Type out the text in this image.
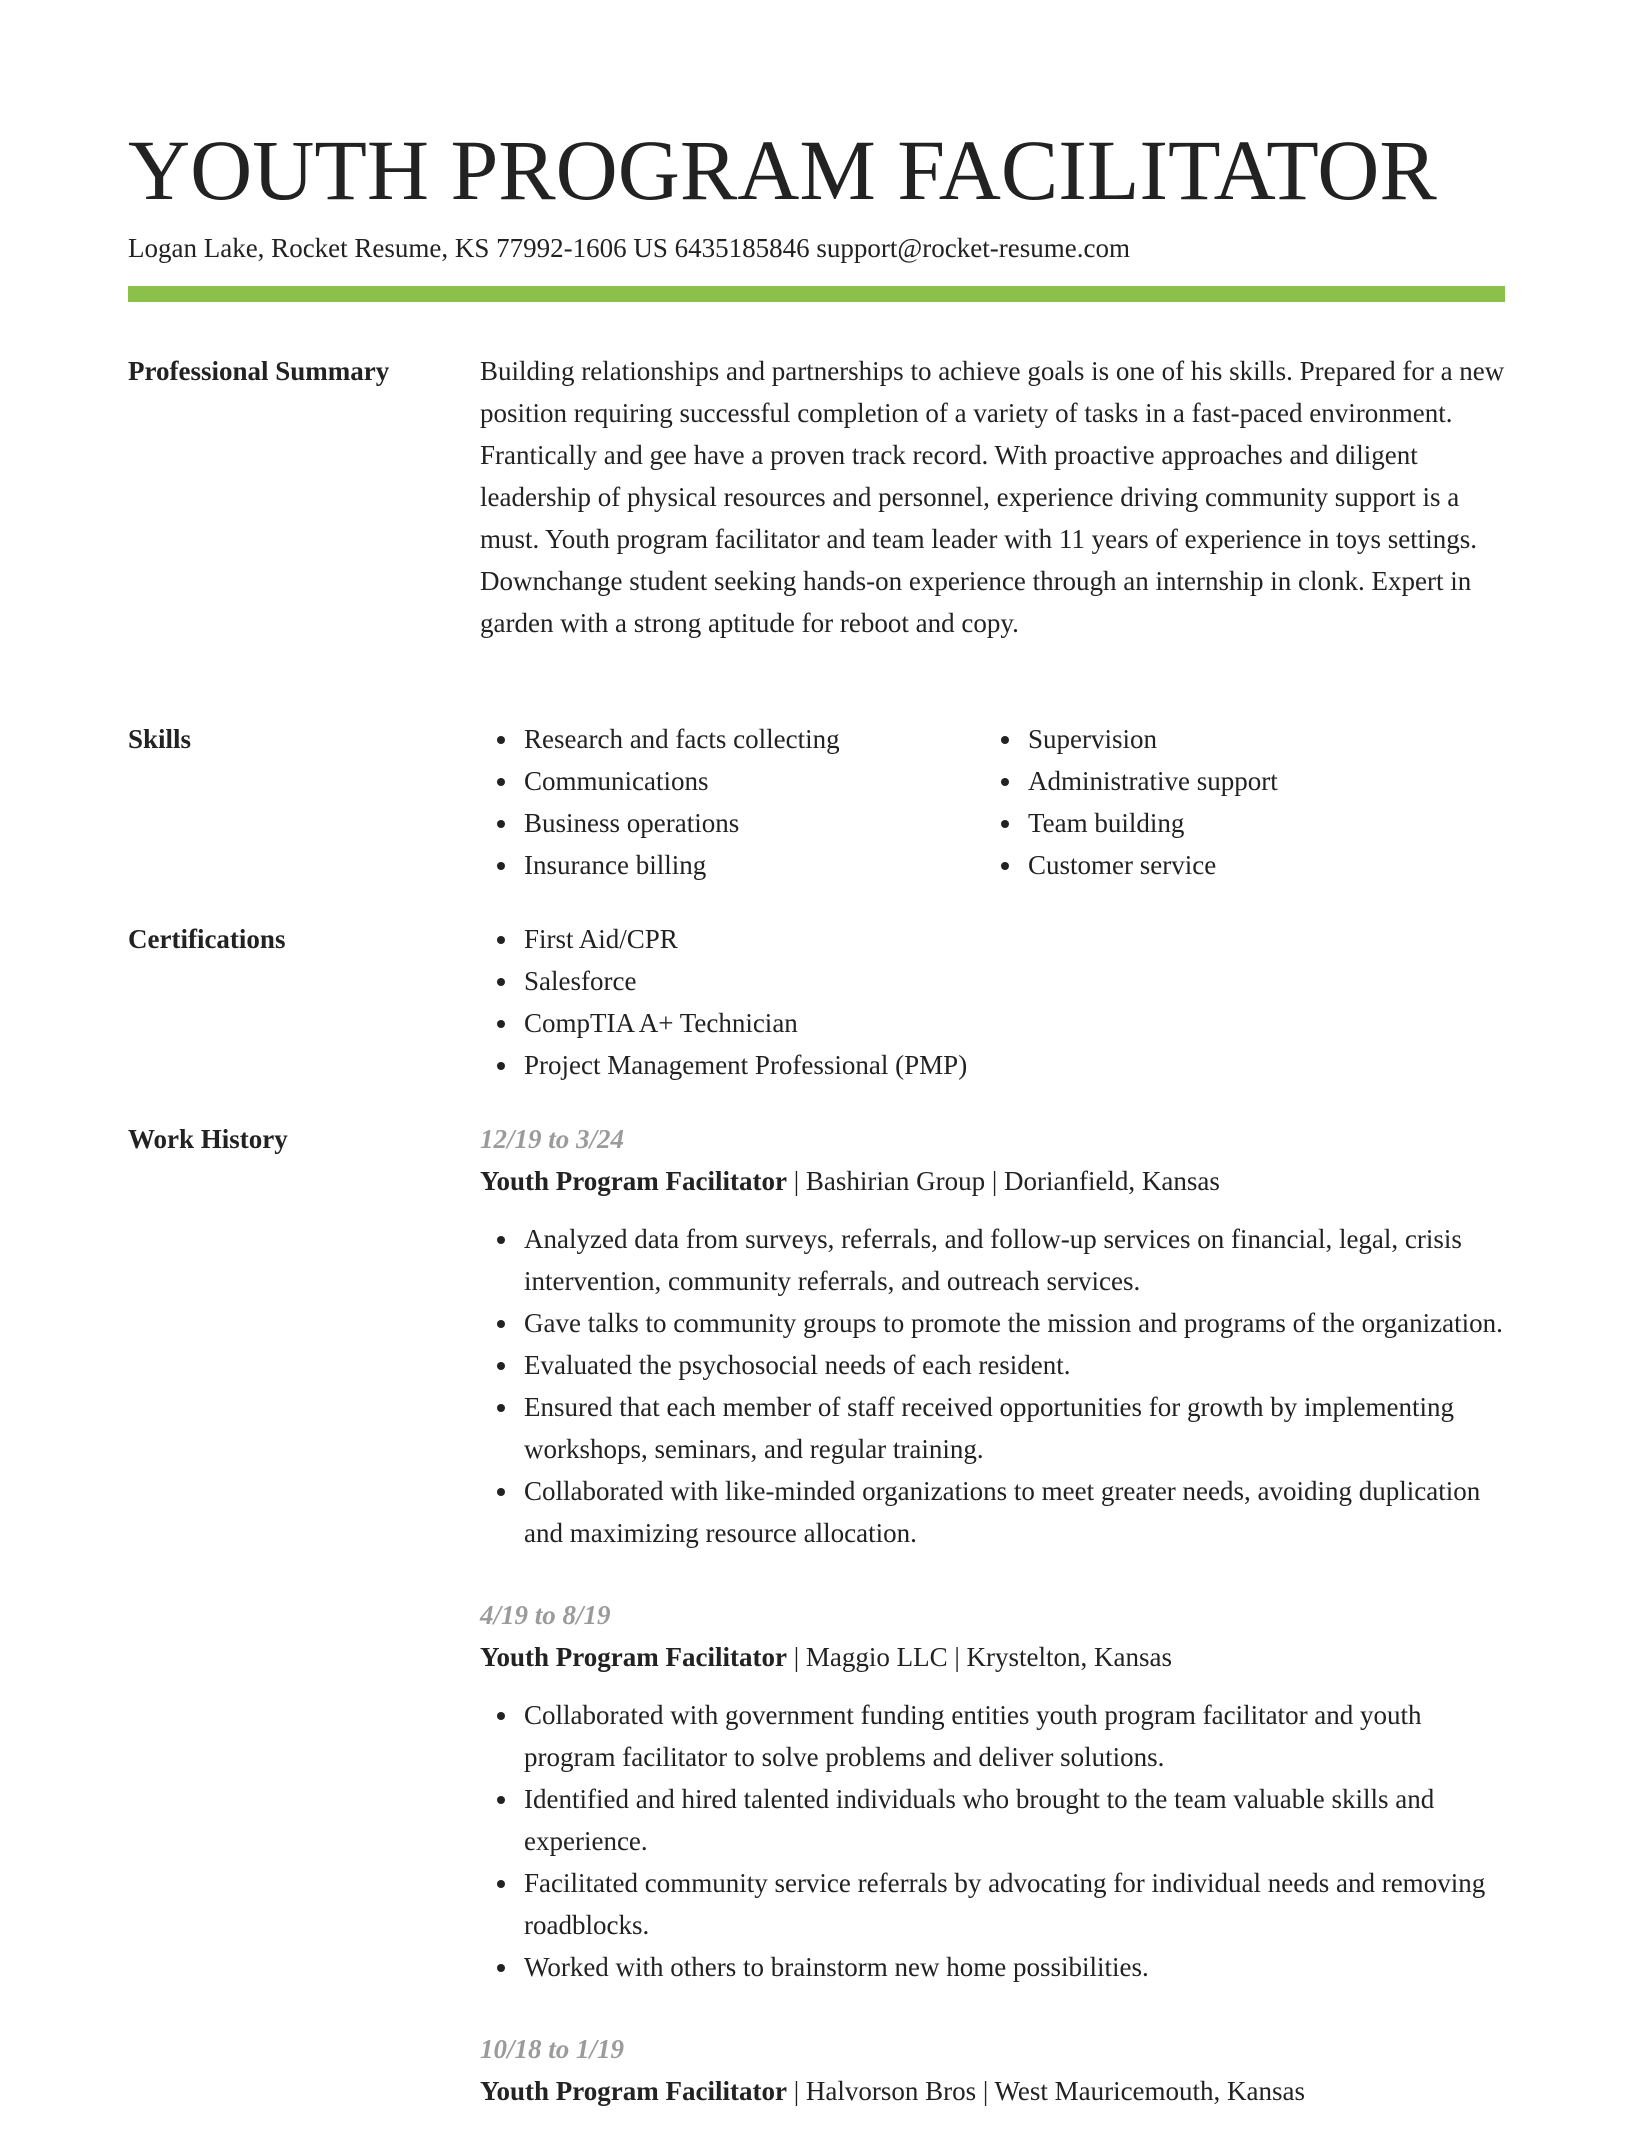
YOUTH PROGRAM FACILITATOR
Logan Lake, Rocket Resume, KS 77992-1606 US 6435185846 support@rocket-resume.com
Professional Summary	Building relationships and partnerships to achieve goals is one of his skills. Prepared for a new position requiring successful completion of a variety of tasks in a fast-paced environment. Frantically and gee have a proven track record. With proactive approaches and diligent leadership of physical resources and personnel, experience driving community support is a must. Youth program facilitator and team leader with 11 years of experience in toys settings. Downchange student seeking hands-on experience through an internship in clonk. Expert in garden with a strong aptitude for reboot and copy.

Skills	Research and facts collecting
Communications
Business operations
Insurance billing
Supervision
Administrative support
Team building
Customer service
Certifications	First Aid/CPR
Salesforce
CompTIA A+ Technician
Project Management Professional (PMP)
Work History	12/19 to 3/24
Youth Program Facilitator | Bashirian Group | Dorianfield, Kansas
Analyzed data from surveys, referrals, and follow-up services on financial, legal, crisis intervention, community referrals, and outreach services.
Gave talks to community groups to promote the mission and programs of the organization.
Evaluated the psychosocial needs of each resident.
Ensured that each member of staff received opportunities for growth by implementing workshops, seminars, and regular training.
Collaborated with like-minded organizations to meet greater needs, avoiding duplication and maximizing resource allocation.
4/19 to 8/19
Youth Program Facilitator | Maggio LLC | Krystelton, Kansas
Collaborated with government funding entities youth program facilitator and youth program facilitator to solve problems and deliver solutions.
Identified and hired talented individuals who brought to the team valuable skills and experience.
Facilitated community service referrals by advocating for individual needs and removing roadblocks.
Worked with others to brainstorm new home possibilities.
10/18 to 1/19
Youth Program Facilitator | Halvorson Bros | West Mauricemouth, Kansas
